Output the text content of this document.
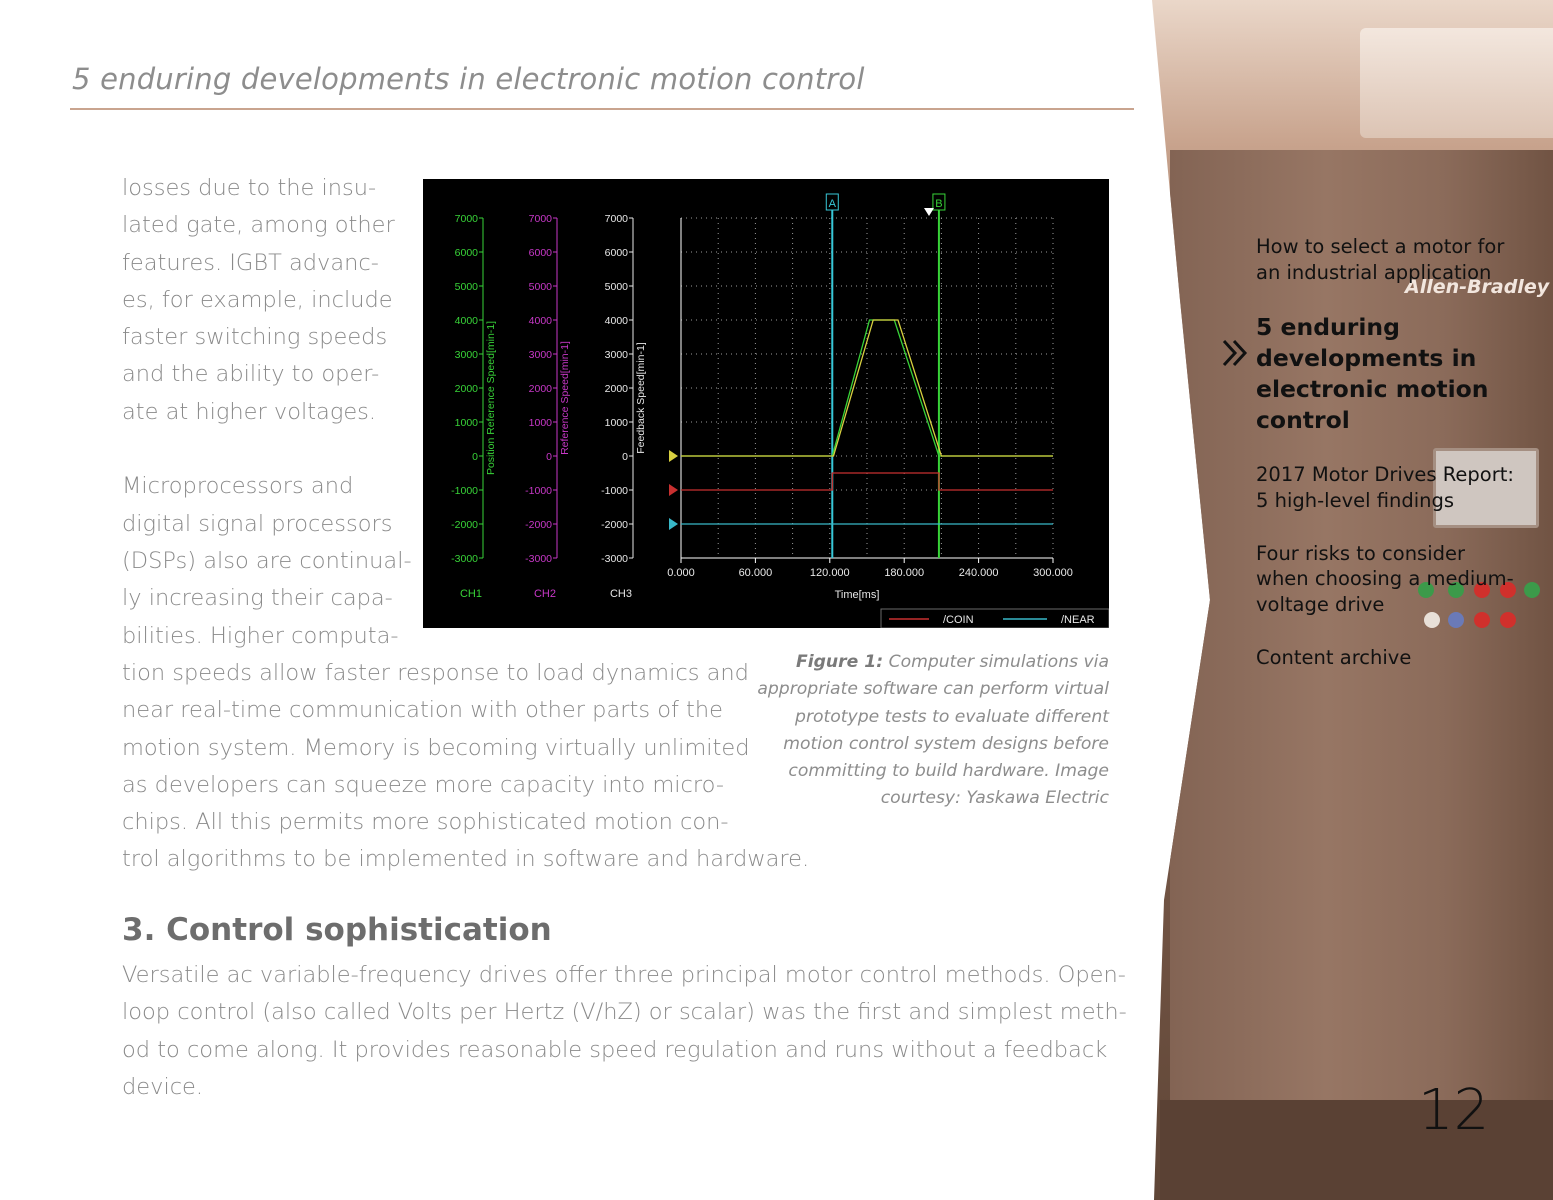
5 enduring developments in electronic motion control

losses due to the insu-

lated gate, among other

features. IGBT advanc-

es, for example, include

faster switching speeds

and the ability to oper-

ate at higher voltages.

Microprocessors and

digital signal processors

(DSPs) also are continual-

ly increasing their capa-

bilities. Higher computa-

7000
6000
5000
4000
3000
2000
1000
0
-1000
-2000
-3000
Position Reference Speed[min-1]
CH1
7000
6000
5000
4000
3000
2000
1000
0
-1000
-2000
-3000
Reference Speed[min-1]
CH2
7000
6000
5000
4000
3000
2000
1000
0
-1000
-2000
-3000
Feedback Speed[min-1]
CH3
0.000	60.000	120.000	180.000	240.000	300.000
Time[ms]
A	B
/COIN	/NEAR
Figure 1: Computer simulations via appropriate software can perform virtual prototype tests to evaluate different motion control system designs before committing to build hardware. Image courtesy: Yaskawa Electric

tion speeds allow faster response to load dynamics and

near real-time communication with other parts of the

motion system. Memory is becoming virtually unlimited

as developers can squeeze more capacity into micro-

chips. All this permits more sophisticated motion con-

trol algorithms to be implemented in software and hardware.

3. Control sophistication

Versatile ac variable-frequency drives offer three principal motor control methods. Open-

loop control (also called Volts per Hertz (V/hZ) or scalar) was the first and simplest meth-

od to come along. It provides reasonable speed regulation and runs without a feedback

device.

Allen-Bradley
How to select a motor for an industrial application
5 enduring developments in electronic motion control
2017 Motor Drives Report: 5 high-level findings
Four risks to consider when choosing a medium-voltage drive
Content archive
12
